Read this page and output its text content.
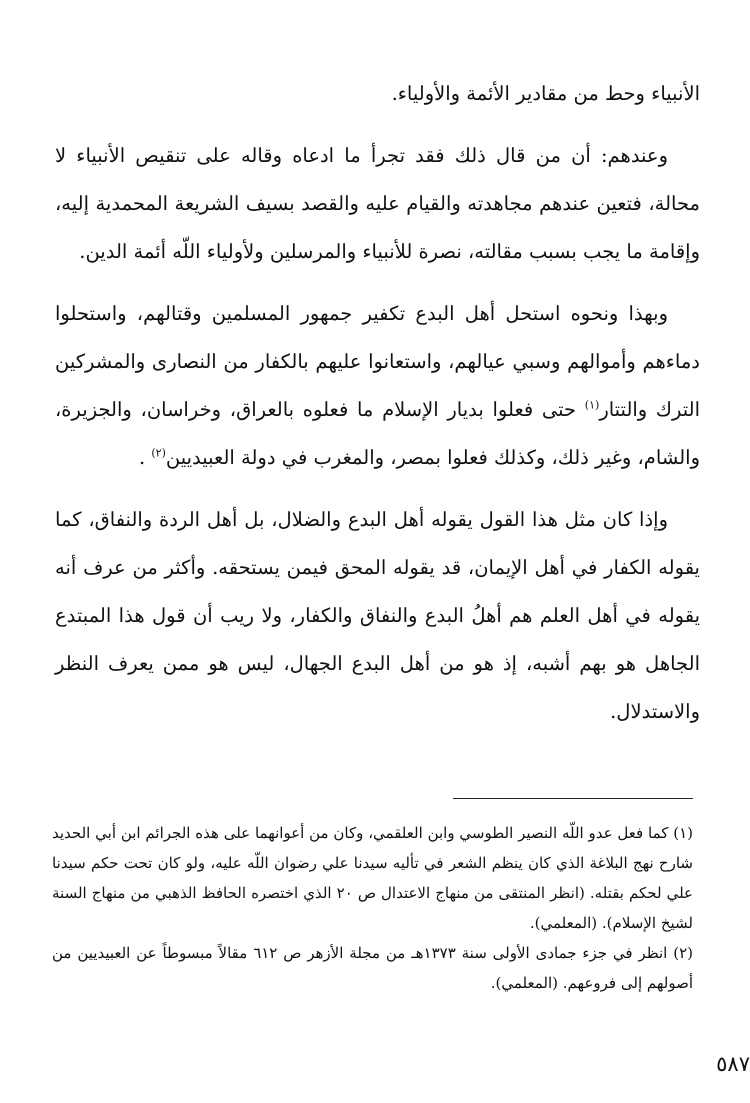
الأنبياء وحط من مقادير الأئمة والأولياء.

وعندهم: أن من قال ذلك فقد تجرأ ما ادعاه وقاله على تنقيص الأنبياء لا محالة، فتعين عندهم مجاهدته والقيام عليه والقصد بسيف الشريعة المحمدية إليه، وإقامة ما يجب بسبب مقالته، نصرة للأنبياء والمرسلين ولأولياء اللّه أئمة الدين.

وبهذا ونحوه استحل أهل البدع تكفير جمهور المسلمين وقتالهم، واستحلوا دماءهم وأموالهم وسبي عيالهم، واستعانوا عليهم بالكفار من النصارى والمشركين الترك والتتار$^{(١)}$ حتى فعلوا بديار الإسلام ما فعلوه بالعراق، وخراسان، والجزيرة، والشام، وغير ذلك، وكذلك فعلوا بمصر، والمغرب في دولة العبيديين$^{(٢)}$ .

وإذا كان مثل هذا القول يقوله أهل البدع والضلال، بل أهل الردة والنفاق، كما يقوله الكفار في أهل الإيمان، قد يقوله المحق فيمن يستحقه. وأكثر من عرف أنه يقوله في أهل العلم هم أهلُ البدع والنفاق والكفار، ولا ريب أن قول هذا المبتدع الجاهل هو بهم أشبه، إذ هو من أهل البدع الجهال، ليس هو ممن يعرف النظر والاستدلال.

(١) كما فعل عدو اللّه النصير الطوسي وابن العلقمي، وكان من أعوانهما على هذه الجرائم ابن أبي الحديد شارح نهج البلاغة الذي كان ينظم الشعر في تأليه سيدنا علي رضوان اللّه عليه، ولو كان تحت حكم سيدنا علي لحكم بقتله. (انظر المنتقى من منهاج الاعتدال ص ٢٠ الذي اختصره الحافظ الذهبي من منهاج السنة لشيخ الإسلام). (المعلمي).

(٢) انظر في جزء جمادى الأولى سنة ١٣٧٣هـ من مجلة الأزهر ص ٦١٢ مقالاً مبسوطاً عن العبيديين من أصولهم إلى فروعهم. (المعلمي).

٥٨٧
